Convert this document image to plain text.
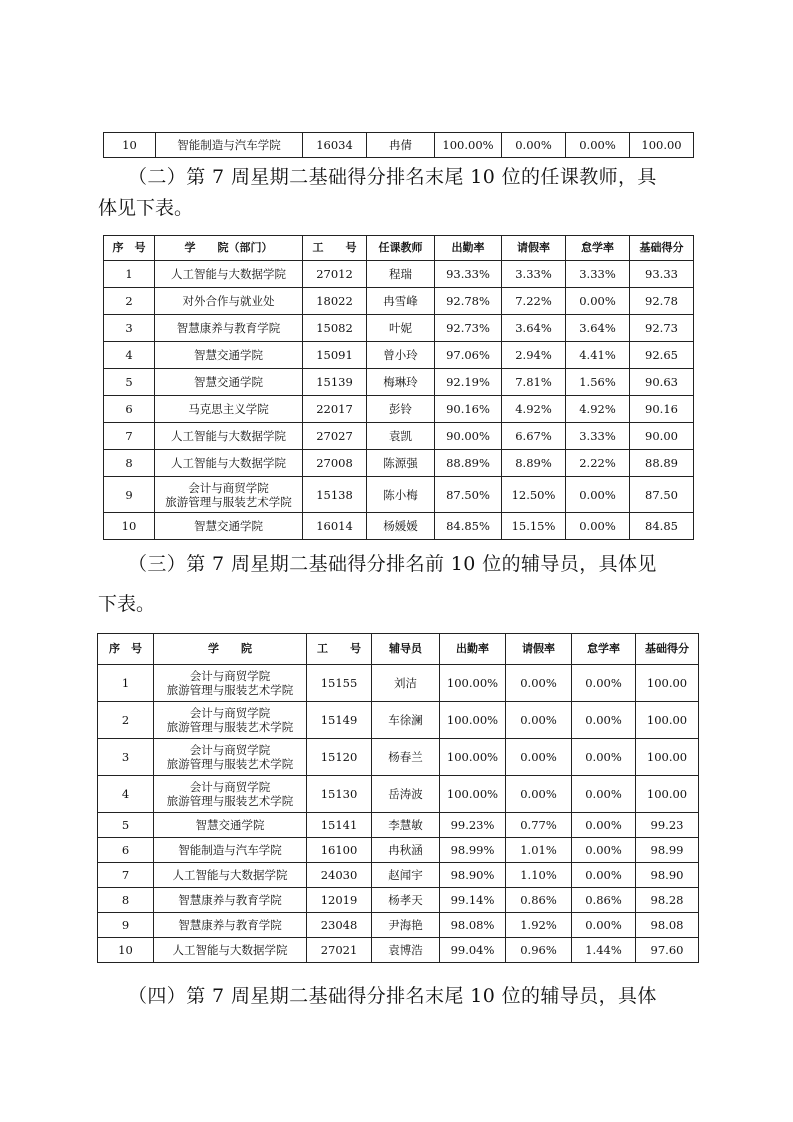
10	智能制造与汽车学院	16034	冉倩	100.00%	0.00%	0.00%	100.00

（二）第 7 周星期二基础得分排名末尾 10 位的任课教师，具

体见下表。

序　号	学　　院（部门）	工　　号	任课教师	出勤率	请假率	怠学率	基础得分
1	人工智能与大数据学院	27012	程瑞	93.33%	3.33%	3.33%	93.33
2	对外合作与就业处	18022	冉雪峰	92.78%	7.22%	0.00%	92.78
3	智慧康养与教育学院	15082	叶妮	92.73%	3.64%	3.64%	92.73
4	智慧交通学院	15091	曾小玲	97.06%	2.94%	4.41%	92.65
5	智慧交通学院	15139	梅琳玲	92.19%	7.81%	1.56%	90.63
6	马克思主义学院	22017	彭铃	90.16%	4.92%	4.92%	90.16
7	人工智能与大数据学院	27027	袁凯	90.00%	6.67%	3.33%	90.00
8	人工智能与大数据学院	27008	陈源强	88.89%	8.89%	2.22%	88.89
9	会计与商贸学院
旅游管理与服装艺术学院	15138	陈小梅	87.50%	12.50%	0.00%	87.50
10	智慧交通学院	16014	杨媛媛	84.85%	15.15%	0.00%	84.85

（三）第 7 周星期二基础得分排名前 10 位的辅导员，具体见

下表。

序　号	学　　院	工　　号	辅导员	出勤率	请假率	怠学率	基础得分
1	会计与商贸学院
旅游管理与服装艺术学院	15155	刘洁	100.00%	0.00%	0.00%	100.00
2	会计与商贸学院
旅游管理与服装艺术学院	15149	车徐澜	100.00%	0.00%	0.00%	100.00
3	会计与商贸学院
旅游管理与服装艺术学院	15120	杨春兰	100.00%	0.00%	0.00%	100.00
4	会计与商贸学院
旅游管理与服装艺术学院	15130	岳涛波	100.00%	0.00%	0.00%	100.00
5	智慧交通学院	15141	李慧敏	99.23%	0.77%	0.00%	99.23
6	智能制造与汽车学院	16100	冉秋涵	98.99%	1.01%	0.00%	98.99
7	人工智能与大数据学院	24030	赵闻宇	98.90%	1.10%	0.00%	98.90
8	智慧康养与教育学院	12019	杨孝天	99.14%	0.86%	0.86%	98.28
9	智慧康养与教育学院	23048	尹海艳	98.08%	1.92%	0.00%	98.08
10	人工智能与大数据学院	27021	袁博浩	99.04%	0.96%	1.44%	97.60

（四）第 7 周星期二基础得分排名末尾 10 位的辅导员，具体
